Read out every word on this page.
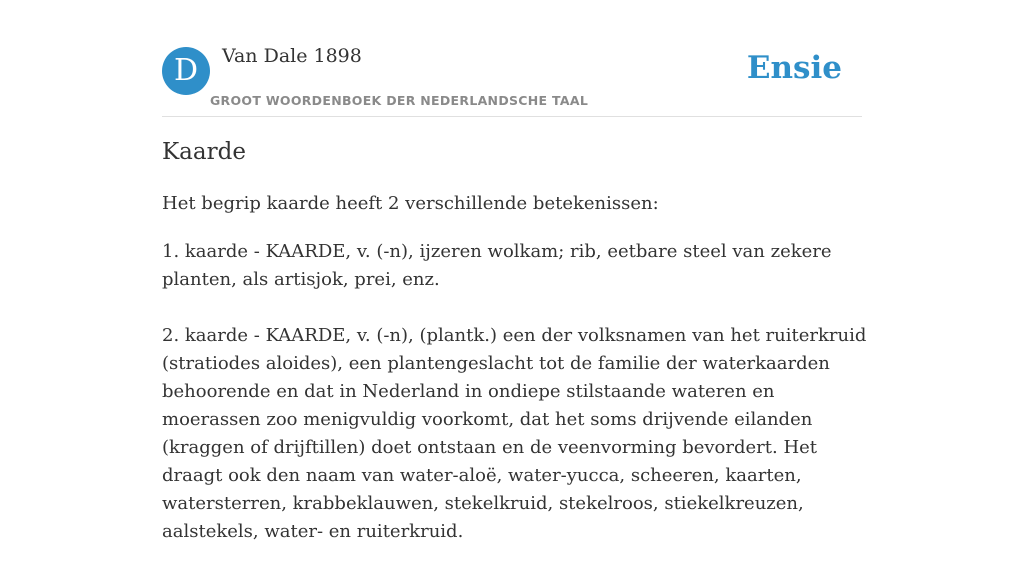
D	Van Dale 1898
GROOT WOORDENBOEK DER NEDERLANDSCHE TAAL
Ensie
Kaarde
Het begrip kaarde heeft 2 verschillende betekenissen:

1. kaarde - KAARDE, v. (-n), ijzeren wolkam; rib, eetbare steel van zekere planten, als artisjok, prei, enz.

2. kaarde - KAARDE, v. (-n), (plantk.) een der volksnamen van het ruiterkruid (stratiodes aloides), een plantengeslacht tot de familie der waterkaarden behoorende en dat in Nederland in ondiepe stilstaande wateren en moerassen zoo menigvuldig voorkomt, dat het soms drijvende eilanden (kraggen of drijftillen) doet ontstaan en de veenvorming bevordert. Het draagt ook den naam van water-aloë, water-yucca, scheeren, kaarten, watersterren, krabbeklauwen, stekelkruid, stekelroos, stiekelkreuzen, aalstekels, water- en ruiterkruid.
